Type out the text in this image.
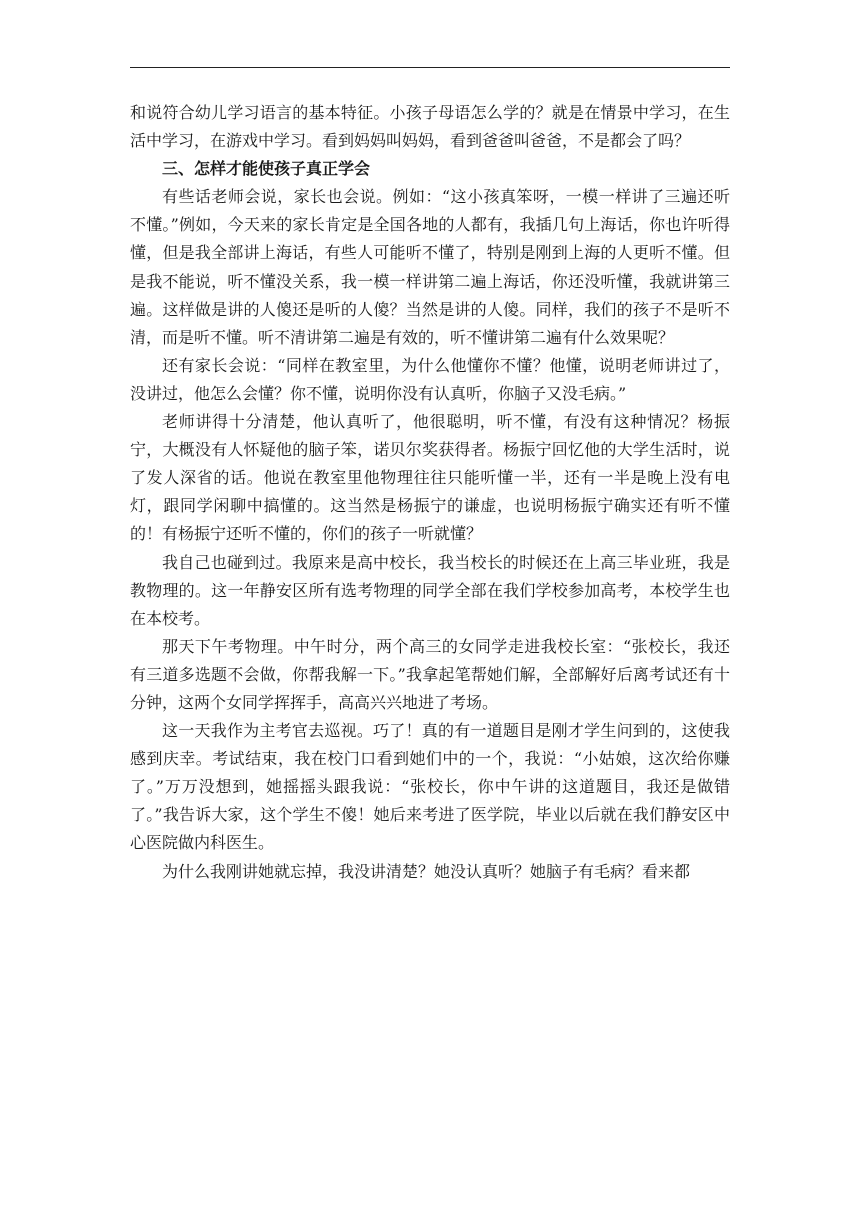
和说符合幼儿学习语言的基本特征。小孩子母语怎么学的？就是在情景中学习，在生活中学习，在游戏中学习。看到妈妈叫妈妈，看到爸爸叫爸爸，不是都会了吗？

三、怎样才能使孩子真正学会

有些话老师会说，家长也会说。例如：“这小孩真笨呀，一模一样讲了三遍还听不懂。”例如，今天来的家长肯定是全国各地的人都有，我插几句上海话，你也许听得懂，但是我全部讲上海话，有些人可能听不懂了，特别是刚到上海的人更听不懂。但是我不能说，听不懂没关系，我一模一样讲第二遍上海话，你还没听懂，我就讲第三遍。这样做是讲的人傻还是听的人傻？当然是讲的人傻。同样，我们的孩子不是听不清，而是听不懂。听不清讲第二遍是有效的，听不懂讲第二遍有什么效果呢？

还有家长会说：“同样在教室里，为什么他懂你不懂？他懂，说明老师讲过了，没讲过，他怎么会懂？你不懂，说明你没有认真听，你脑子又没毛病。”

老师讲得十分清楚，他认真听了，他很聪明，听不懂，有没有这种情况？杨振宁，大概没有人怀疑他的脑子笨，诺贝尔奖获得者。杨振宁回忆他的大学生活时，说了发人深省的话。他说在教室里他物理往往只能听懂一半，还有一半是晚上没有电灯，跟同学闲聊中搞懂的。这当然是杨振宁的谦虚，也说明杨振宁确实还有听不懂的！有杨振宁还听不懂的，你们的孩子一听就懂？

我自己也碰到过。我原来是高中校长，我当校长的时候还在上高三毕业班，我是教物理的。这一年静安区所有选考物理的同学全部在我们学校参加高考，本校学生也在本校考。

那天下午考物理。中午时分，两个高三的女同学走进我校长室：“张校长，我还有三道多选题不会做，你帮我解一下。”我拿起笔帮她们解，全部解好后离考试还有十分钟，这两个女同学挥挥手，高高兴兴地进了考场。

这一天我作为主考官去巡视。巧了！真的有一道题目是刚才学生问到的，这使我感到庆幸。考试结束，我在校门口看到她们中的一个，我说：“小姑娘，这次给你赚了。”万万没想到，她摇摇头跟我说：“张校长，你中午讲的这道题目，我还是做错了。”我告诉大家，这个学生不傻！她后来考进了医学院，毕业以后就在我们静安区中心医院做内科医生。

为什么我刚讲她就忘掉，我没讲清楚？她没认真听？她脑子有毛病？看来都
